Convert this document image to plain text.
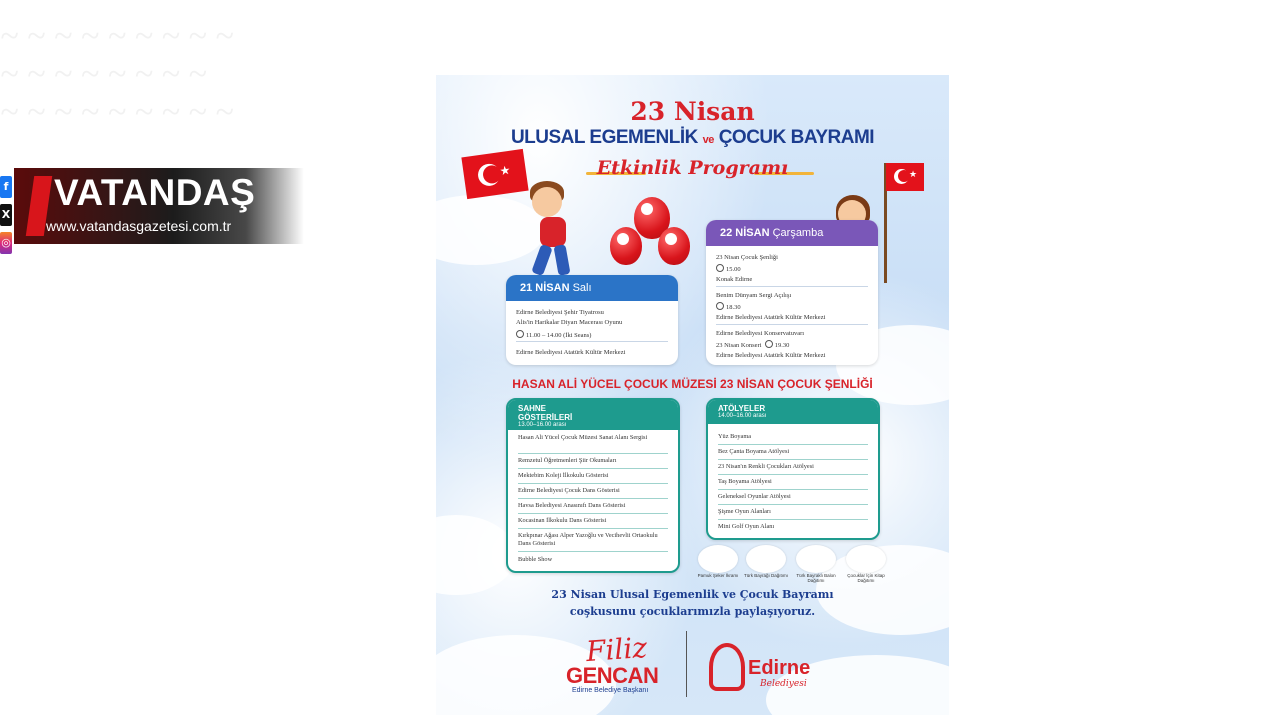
~ ~ ~ ~ ~ ~ ~ ~ ~
~ ~ ~ ~ ~ ~ ~ ~
~ ~ ~ ~ ~ ~ ~ ~ ~
f
X
◎
VATANDAŞ
www.vatandasgazetesi.com.tr
23 Nisan
ULUSAL EGEMENLİK ve ÇOCUK BAYRAMI
Etkinlik Programı
★	★
22 NİSAN Çarşamba
23 Nisan Çocuk Şenliği
15.00
Konak Edirne
Benim Dünyam Sergi Açılışı
18.30
Edirne Belediyesi Atatürk Kültür Merkezi
Edirne Belediyesi Konservatuvarı
23 Nisan Konseri 19.30
Edirne Belediyesi Atatürk Kültür Merkezi
21 NİSAN Salı
Edirne Belediyesi Şehir Tiyatrosu
Alis'in Harikalar Diyarı Macerası Oyunu
11.00 – 14.00 (İki Seans)
Edirne Belediyesi Atatürk Kültür Merkezi
HASAN ALİ YÜCEL ÇOCUK MÜZESİ 23 NİSAN ÇOCUK ŞENLİĞİ
SAHNE
GÖSTERİLERİ
13.00–16.00 arası
Hasan Ali Yücel Çocuk Müzesi Sanat Alanı Sergisi
Remzetul Öğretmenleri Şiir Okumaları
Mektebim Koleji İlkokulu Gösterisi
Edirne Belediyesi Çocuk Dans Gösterisi
Havsa Belediyesi Anasınıfı Dans Gösterisi
Kocasinan İlkokulu Dans Gösterisi
Kırkpınar Ağası Alper Yazoğlu ve Vecihevlii Ortaokulu Dans Gösterisi
Bubble Show
ATÖLYELER
14.00–16.00 arası
Yüz Boyama
Bez Çanta Boyama Atölyesi
23 Nisan'ın Renkli Çocukları Atölyesi
Taş Boyama Atölyesi
Geleneksel Oyunlar Atölyesi
Şişme Oyun Alanları
Mini Golf Oyun Alanı
Pamuk Şeker İkramı	Türk Bayrağı Dağıtımı	Türk Bayraklı Balon Dağıtımı
Çocuklar İçin Kitap Dağıtımı
23 Nisan Ulusal Egemenlik ve Çocuk Bayramı
coşkusunu çocuklarımızla paylaşıyoruz.
Filiz
GENCAN
Edirne Belediye Başkanı
Edirne
Belediyesi
